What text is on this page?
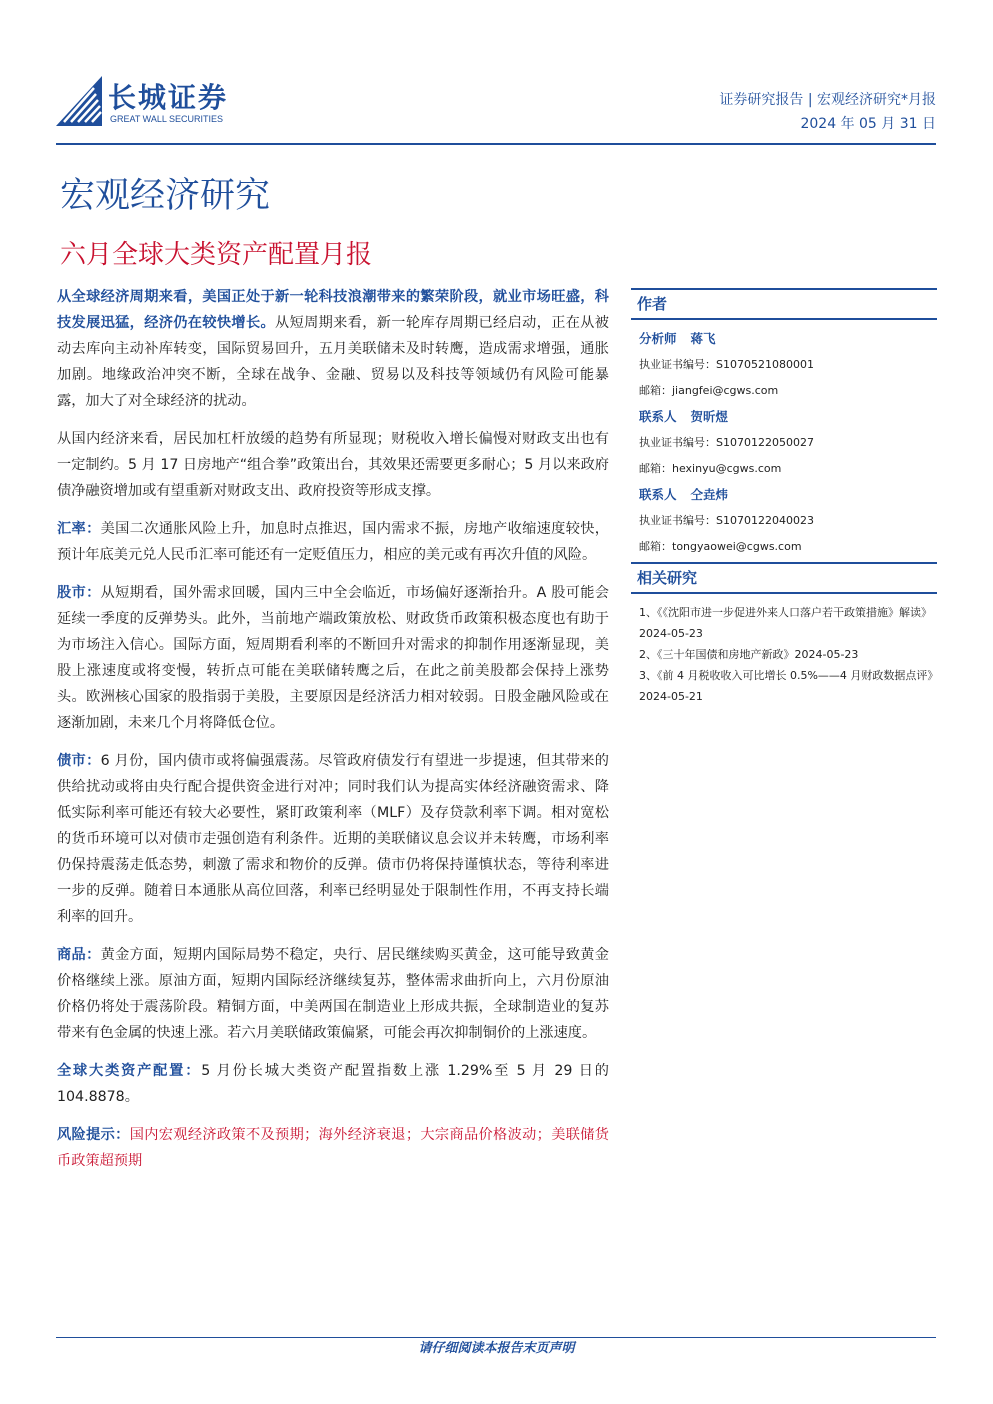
长城证券
GREAT WALL SECURITIES
证券研究报告 | 宏观经济研究*月报
2024 年 05 月 31 日
宏观经济研究
六月全球大类资产配置月报
从全球经济周期来看，美国正处于新一轮科技浪潮带来的繁荣阶段，就业市场旺盛，科技发展迅猛，经济仍在较快增长。从短周期来看，新一轮库存周期已经启动，正在从被动去库向主动补库转变，国际贸易回升，五月美联储未及时转鹰，造成需求增强，通胀加剧。地缘政治冲突不断，全球在战争、金融、贸易以及科技等领域仍有风险可能暴露，加大了对全球经济的扰动。
从国内经济来看，居民加杠杆放缓的趋势有所显现；财税收入增长偏慢对财政支出也有一定制约。5 月 17 日房地产“组合拳”政策出台，其效果还需要更多耐心；5 月以来政府债净融资增加或有望重新对财政支出、政府投资等形成支撑。
汇率：美国二次通胀风险上升，加息时点推迟，国内需求不振，房地产收缩速度较快，预计年底美元兑人民币汇率可能还有一定贬值压力，相应的美元或有再次升值的风险。
股市：从短期看，国外需求回暖，国内三中全会临近，市场偏好逐渐抬升。A 股可能会延续一季度的反弹势头。此外，当前地产端政策放松、财政货币政策积极态度也有助于为市场注入信心。国际方面，短周期看利率的不断回升对需求的抑制作用逐渐显现，美股上涨速度或将变慢，转折点可能在美联储转鹰之后，在此之前美股都会保持上涨势头。欧洲核心国家的股指弱于美股，主要原因是经济活力相对较弱。日股金融风险或在逐渐加剧，未来几个月将降低仓位。
债市：6 月份，国内债市或将偏强震荡。尽管政府债发行有望进一步提速，但其带来的供给扰动或将由央行配合提供资金进行对冲；同时我们认为提高实体经济融资需求、降低实际利率可能还有较大必要性，紧盯政策利率（MLF）及存贷款利率下调。相对宽松的货币环境可以对债市走强创造有利条件。近期的美联储议息会议并未转鹰，市场利率仍保持震荡走低态势，刺激了需求和物价的反弹。债市仍将保持谨慎状态，等待利率进一步的反弹。随着日本通胀从高位回落，利率已经明显处于限制性作用，不再支持长端利率的回升。
商品：黄金方面，短期内国际局势不稳定，央行、居民继续购买黄金，这可能导致黄金价格继续上涨。原油方面，短期内国际经济继续复苏，整体需求曲折向上，六月份原油价格仍将处于震荡阶段。精铜方面，中美两国在制造业上形成共振，全球制造业的复苏带来有色金属的快速上涨。若六月美联储政策偏紧，可能会再次抑制铜价的上涨速度。
全球大类资产配置：5 月份长城大类资产配置指数上涨 1.29%至 5 月 29 日的 104.8878。
风险提示：国内宏观经济政策不及预期；海外经济衰退；大宗商品价格波动；美联储货币政策超预期
作者
分析师 蒋飞
执业证书编号：S1070521080001
邮箱：jiangfei@cgws.com
联系人 贺昕煜
执业证书编号：S1070122050027
邮箱：hexinyu@cgws.com
联系人 仝垚炜
执业证书编号：S1070122040023
邮箱：tongyaowei@cgws.com
相关研究
1、《《沈阳市进一步促进外来人口落户若干政策措施》解读》2024-05-23
2、《三十年国债和房地产新政》2024-05-23
3、《前 4 月税收收入可比增长 0.5%——4 月财政数据点评》2024-05-21
请仔细阅读本报告末页声明
